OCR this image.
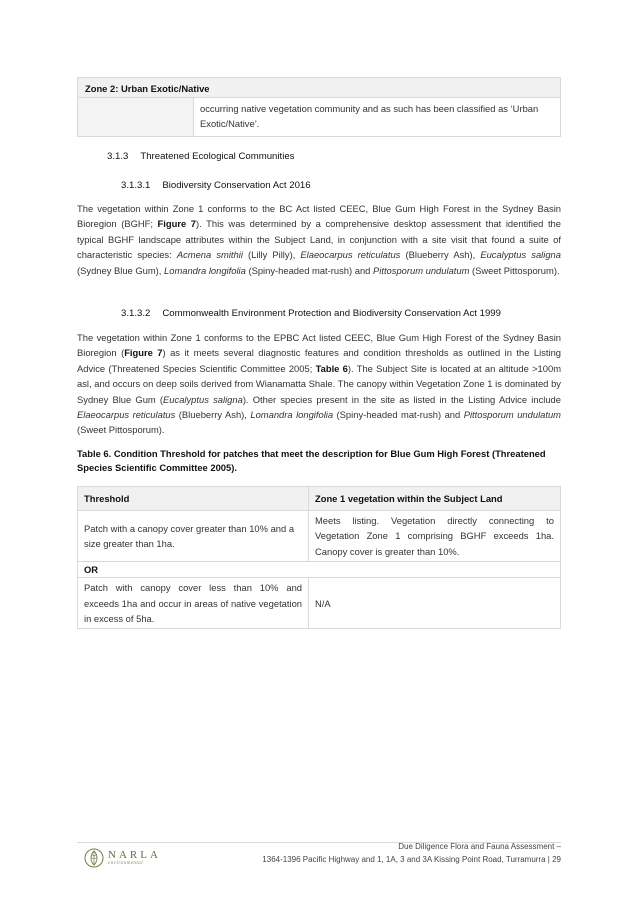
Zone 2: Urban Exotic/Native
occurring native vegetation community and as such has been classified as ‘Urban Exotic/Native’.
3.1.3 Threatened Ecological Communities
3.1.3.1 Biodiversity Conservation Act 2016

The vegetation within Zone 1 conforms to the BC Act listed CEEC, Blue Gum High Forest in the Sydney Basin Bioregion (BGHF; Figure 7). This was determined by a comprehensive desktop assessment that identified the typical BGHF landscape attributes within the Subject Land, in conjunction with a site visit that found a suite of characteristic species: Acmena smithii (Lilly Pilly), Elaeocarpus reticulatus (Blueberry Ash), Eucalyptus saligna (Sydney Blue Gum), Lomandra longifolia (Spiny-headed mat-rush) and Pittosporum undulatum (Sweet Pittosporum).

3.1.3.2 Commonwealth Environment Protection and Biodiversity Conservation Act 1999

The vegetation within Zone 1 conforms to the EPBC Act listed CEEC, Blue Gum High Forest of the Sydney Basin Bioregion (Figure 7) as it meets several diagnostic features and condition thresholds as outlined in the Listing Advice (Threatened Species Scientific Committee 2005; Table 6). The Subject Site is located at an altitude >100m asl, and occurs on deep soils derived from Wianamatta Shale. The canopy within Vegetation Zone 1 is dominated by Sydney Blue Gum (Eucalyptus saligna). Other species present in the site as listed in the Listing Advice include Elaeocarpus reticulatus (Blueberry Ash), Lomandra longifolia (Spiny-headed mat-rush) and Pittosporum undulatum (Sweet Pittosporum).

Table 6. Condition Threshold for patches that meet the description for Blue Gum High Forest (Threatened Species Scientific Committee 2005).
Threshold	Zone 1 vegetation within the Subject Land
Patch with a canopy cover greater than 10% and a size greater than 1ha.	Meets listing. Vegetation directly connecting to Vegetation Zone 1 comprising BGHF exceeds 1ha. Canopy cover is greater than 10%.
OR	
Patch with canopy cover less than 10% and exceeds 1ha and occur in areas of native vegetation in excess of 5ha.	N/A
NARLA
environmental
Due Diligence Flora and Fauna Assessment –
1364-1396 Pacific Highway and 1, 1A, 3 and 3A Kissing Point Road, Turramurra | 29
